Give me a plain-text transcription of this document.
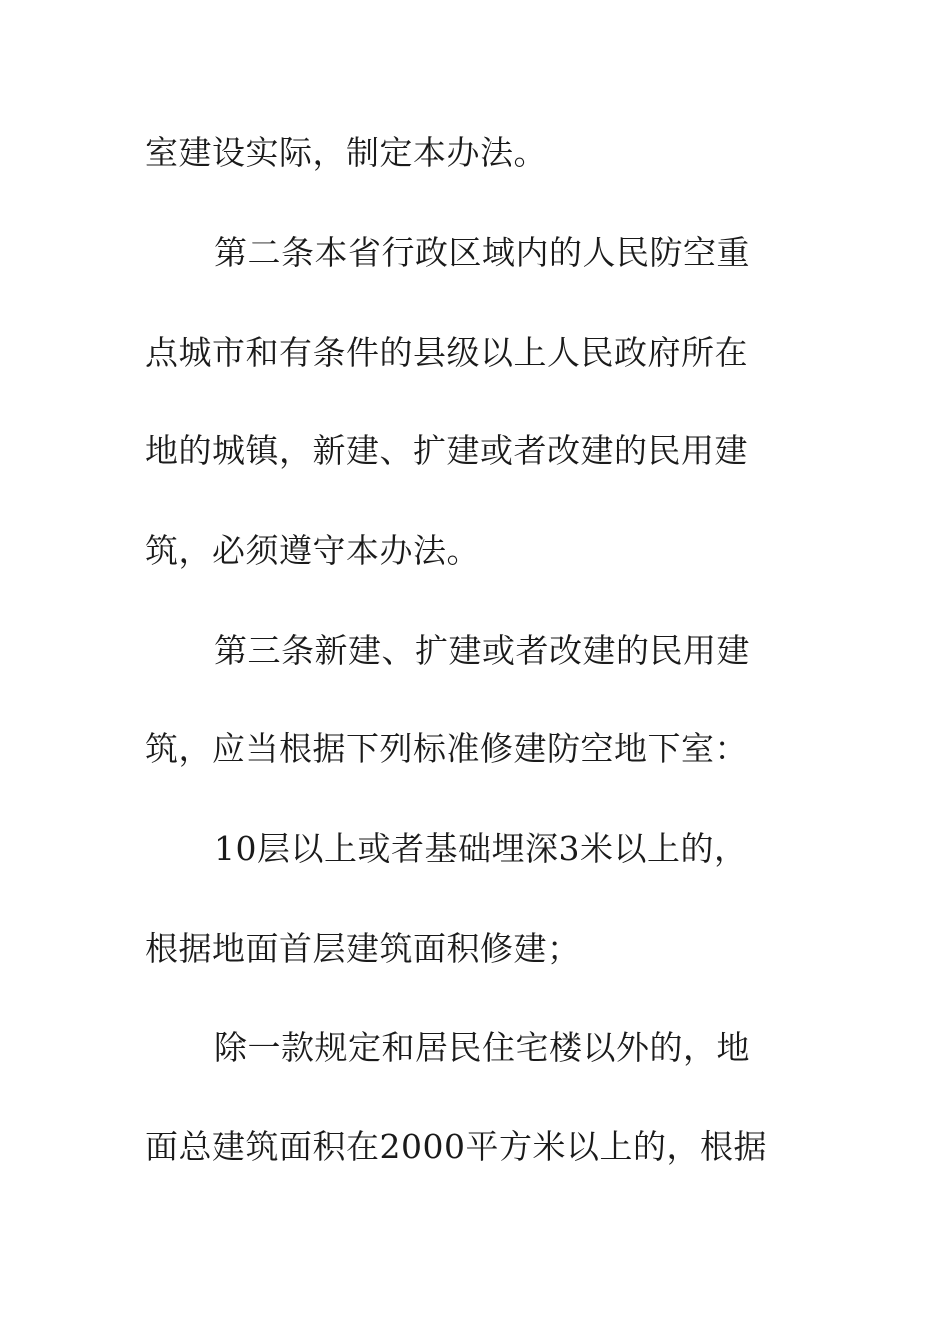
室建设实际，制定本办法。
第二条本省行政区域内的人民防空重
点城市和有条件的县级以上人民政府所在
地的城镇，新建、扩建或者改建的民用建
筑，必须遵守本办法。
第三条新建、扩建或者改建的民用建
筑，应当根据下列标准修建防空地下室：
10层以上或者基础埋深3米以上的，
根据地面首层建筑面积修建；
除一款规定和居民住宅楼以外的，地
面总建筑面积在2000平方米以上的，根据
